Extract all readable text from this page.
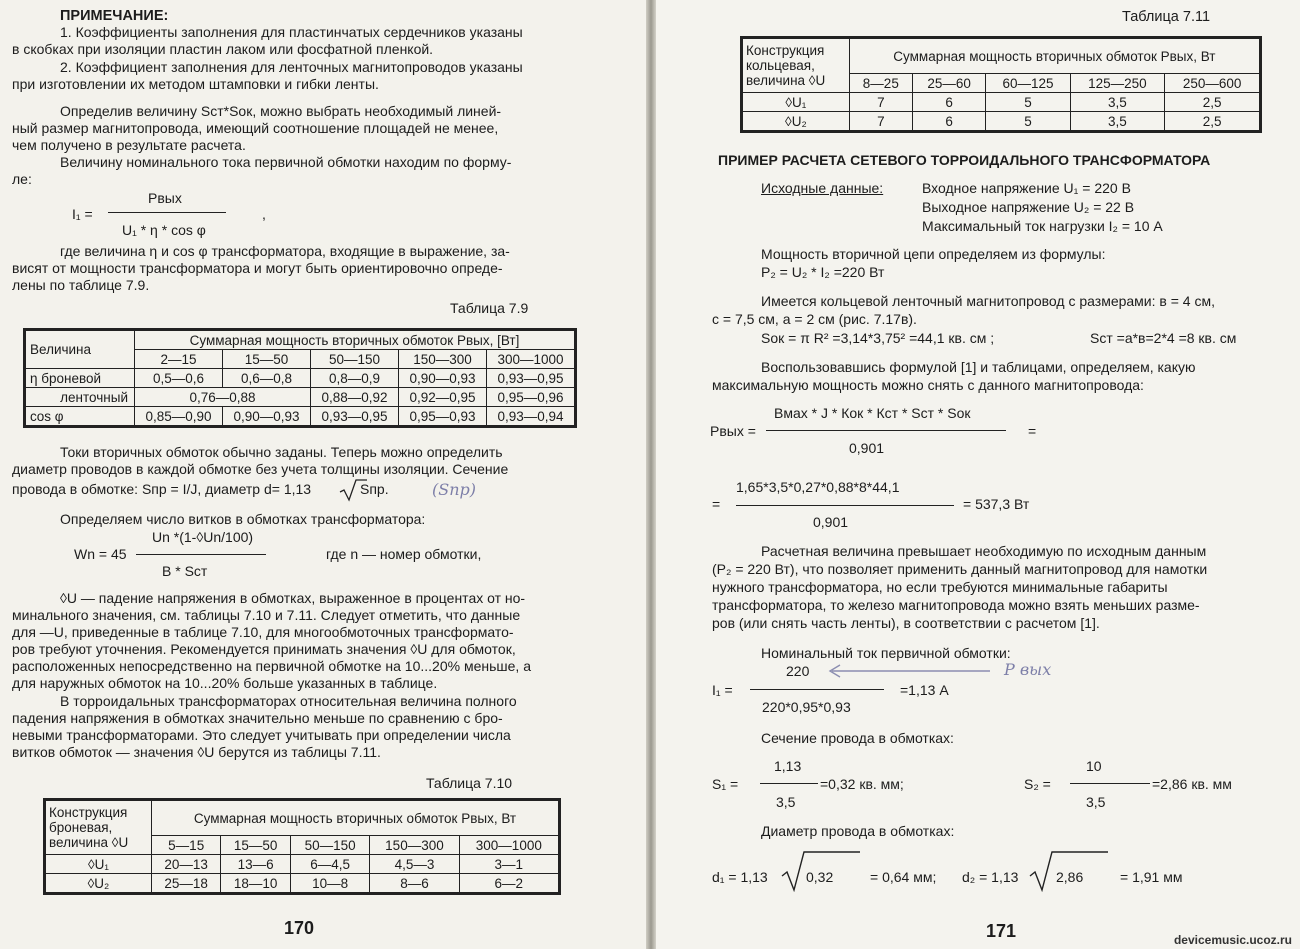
ПРИМЕЧАНИЕ:
1. Коэффициенты заполнения для пластинчатых сердечников указаны
в скобках при изоляции пластин лаком или фосфатной пленкой.
2. Коэффициент заполнения для ленточных магнитопроводов указаны
при изготовлении их методом штамповки и гибки ленты.
Определив величину Sст*Sок, можно выбрать необходимый линей-
ный размер магнитопровода, имеющий соотношение площадей не менее,
чем получено в результате расчета.
Величину номинального тока первичной обмотки находим по форму-
ле:
I₁ =
Pвых
U₁ * η * cos φ
,
где величина η и cos φ трансформатора, входящие в выражение, за-
висят от мощности трансформатора и могут быть ориентировочно опреде-
лены по таблице 7.9.
Таблица 7.9
Величина	Суммарная мощность вторичных обмоток Рвых, [Вт]				
	2—15	15—50	50—150	150—300	300—1000
η броневой	0,5—0,6	0,6—0,8	0,8—0,9	0,90—0,93	0,93—0,95
ленточный	0,76—0,88		0,88—0,92	0,92—0,95	0,95—0,96
cos φ	0,85—0,90	0,90—0,93	0,93—0,95	0,95—0,93	0,93—0,94
Токи вторичных обмоток обычно заданы. Теперь можно определить
диаметр проводов в каждой обмотке без учета толщины изоляции. Сечение
провода в обмотке: Sпр = I/J, диаметр d= 1,13	Sпр.	(Sпр)
Определяем число витков в обмотках трансформатора:
Wn = 45
Un *(1-◊Un/100)
B * Sст
где n — номер обмотки,
◊U — падение напряжения в обмотках, выраженное в процентах от но-
минального значения, см. таблицы 7.10 и 7.11. Следует отметить, что данные
для —U, приведенные в таблице 7.10, для многообмоточных трансформато-
ров требуют уточнения. Рекомендуется принимать значения ◊U для обмоток,
расположенных непосредственно на первичной обмотке на 10...20% меньше, а
для наружных обмоток на 10...20% больше указанных в таблице.
В торроидальных трансформаторах относительная величина полного
падения напряжения в обмотках значительно меньше по сравнению с бро-
невыми трансформаторами. Это следует учитывать при определении числа
витков обмоток — значения ◊U берутся из таблицы 7.11.
Таблица 7.10
Конструкция
броневая,
величина ◊U	Суммарная мощность вторичных обмоток Рвых, Вт				
	5—15	15—50	50—150	150—300	300—1000
◊U₁	20—13	13—6	6—4,5	4,5—3	3—1
◊U₂	25—18	18—10	10—8	8—6	6—2
170
Таблица 7.11
Конструкция
кольцевая,
величина ◊U	Суммарная мощность вторичных обмоток Рвых, Вт				
	8—25	25—60	60—125	125—250	250—600
◊U₁	7	6	5	3,5	2,5
◊U₂	7	6	5	3,5	2,5
ПРИМЕР РАСЧЕТА СЕТЕВОГО ТОРРОИДАЛЬНОГО ТРАНСФОРМАТОРА
Исходные данные:	Входное напряжение U₁ = 220 В
Выходное напряжение U₂ = 22 В
Максимальный ток нагрузки I₂ = 10 А
Мощность вторичной цепи определяем из формулы:
P₂ = U₂ * I₂ =220 Вт
Имеется кольцевой ленточный магнитопровод с размерами: в = 4 см,
с = 7,5 см, а = 2 см (рис. 7.17в).
Sок = π R² =3,14*3,75² =44,1 кв. см ;	Sст =a*в=2*4 =8 кв. см
Воспользовавшись формулой [1] и таблицами, определяем, какую
максимальную мощность можно снять с данного магнитопровода:
Рвых =
Bмах * J * Кок * Кст * Sст * Sок
0,901
=
=
1,65*3,5*0,27*0,88*8*44,1
0,901
= 537,3 Вт
Расчетная величина превышает необходимую по исходным данным
(P₂ = 220 Вт), что позволяет применить данный магнитопровод для намотки
нужного трансформатора, но если требуются минимальные габариты
трансформатора, то железо магнитопровода можно взять меньших разме-
ров (или снять часть ленты), в соответствии с расчетом [1].
Номинальный ток первичной обмотки:
I₁ =
220	P вых
220*0,95*0,93
=1,13 А
Сечение провода в обмотках:
S₁ =
1,13
3,5
=0,32 кв. мм;	S₂ =
10
3,5
=2,86 кв. мм
Диаметр провода в обмотках:
d₁ = 1,13	0,32	= 0,64 мм; d₂ = 1,13	2,86	= 1,91 мм
171	devicemusic.ucoz.ru
